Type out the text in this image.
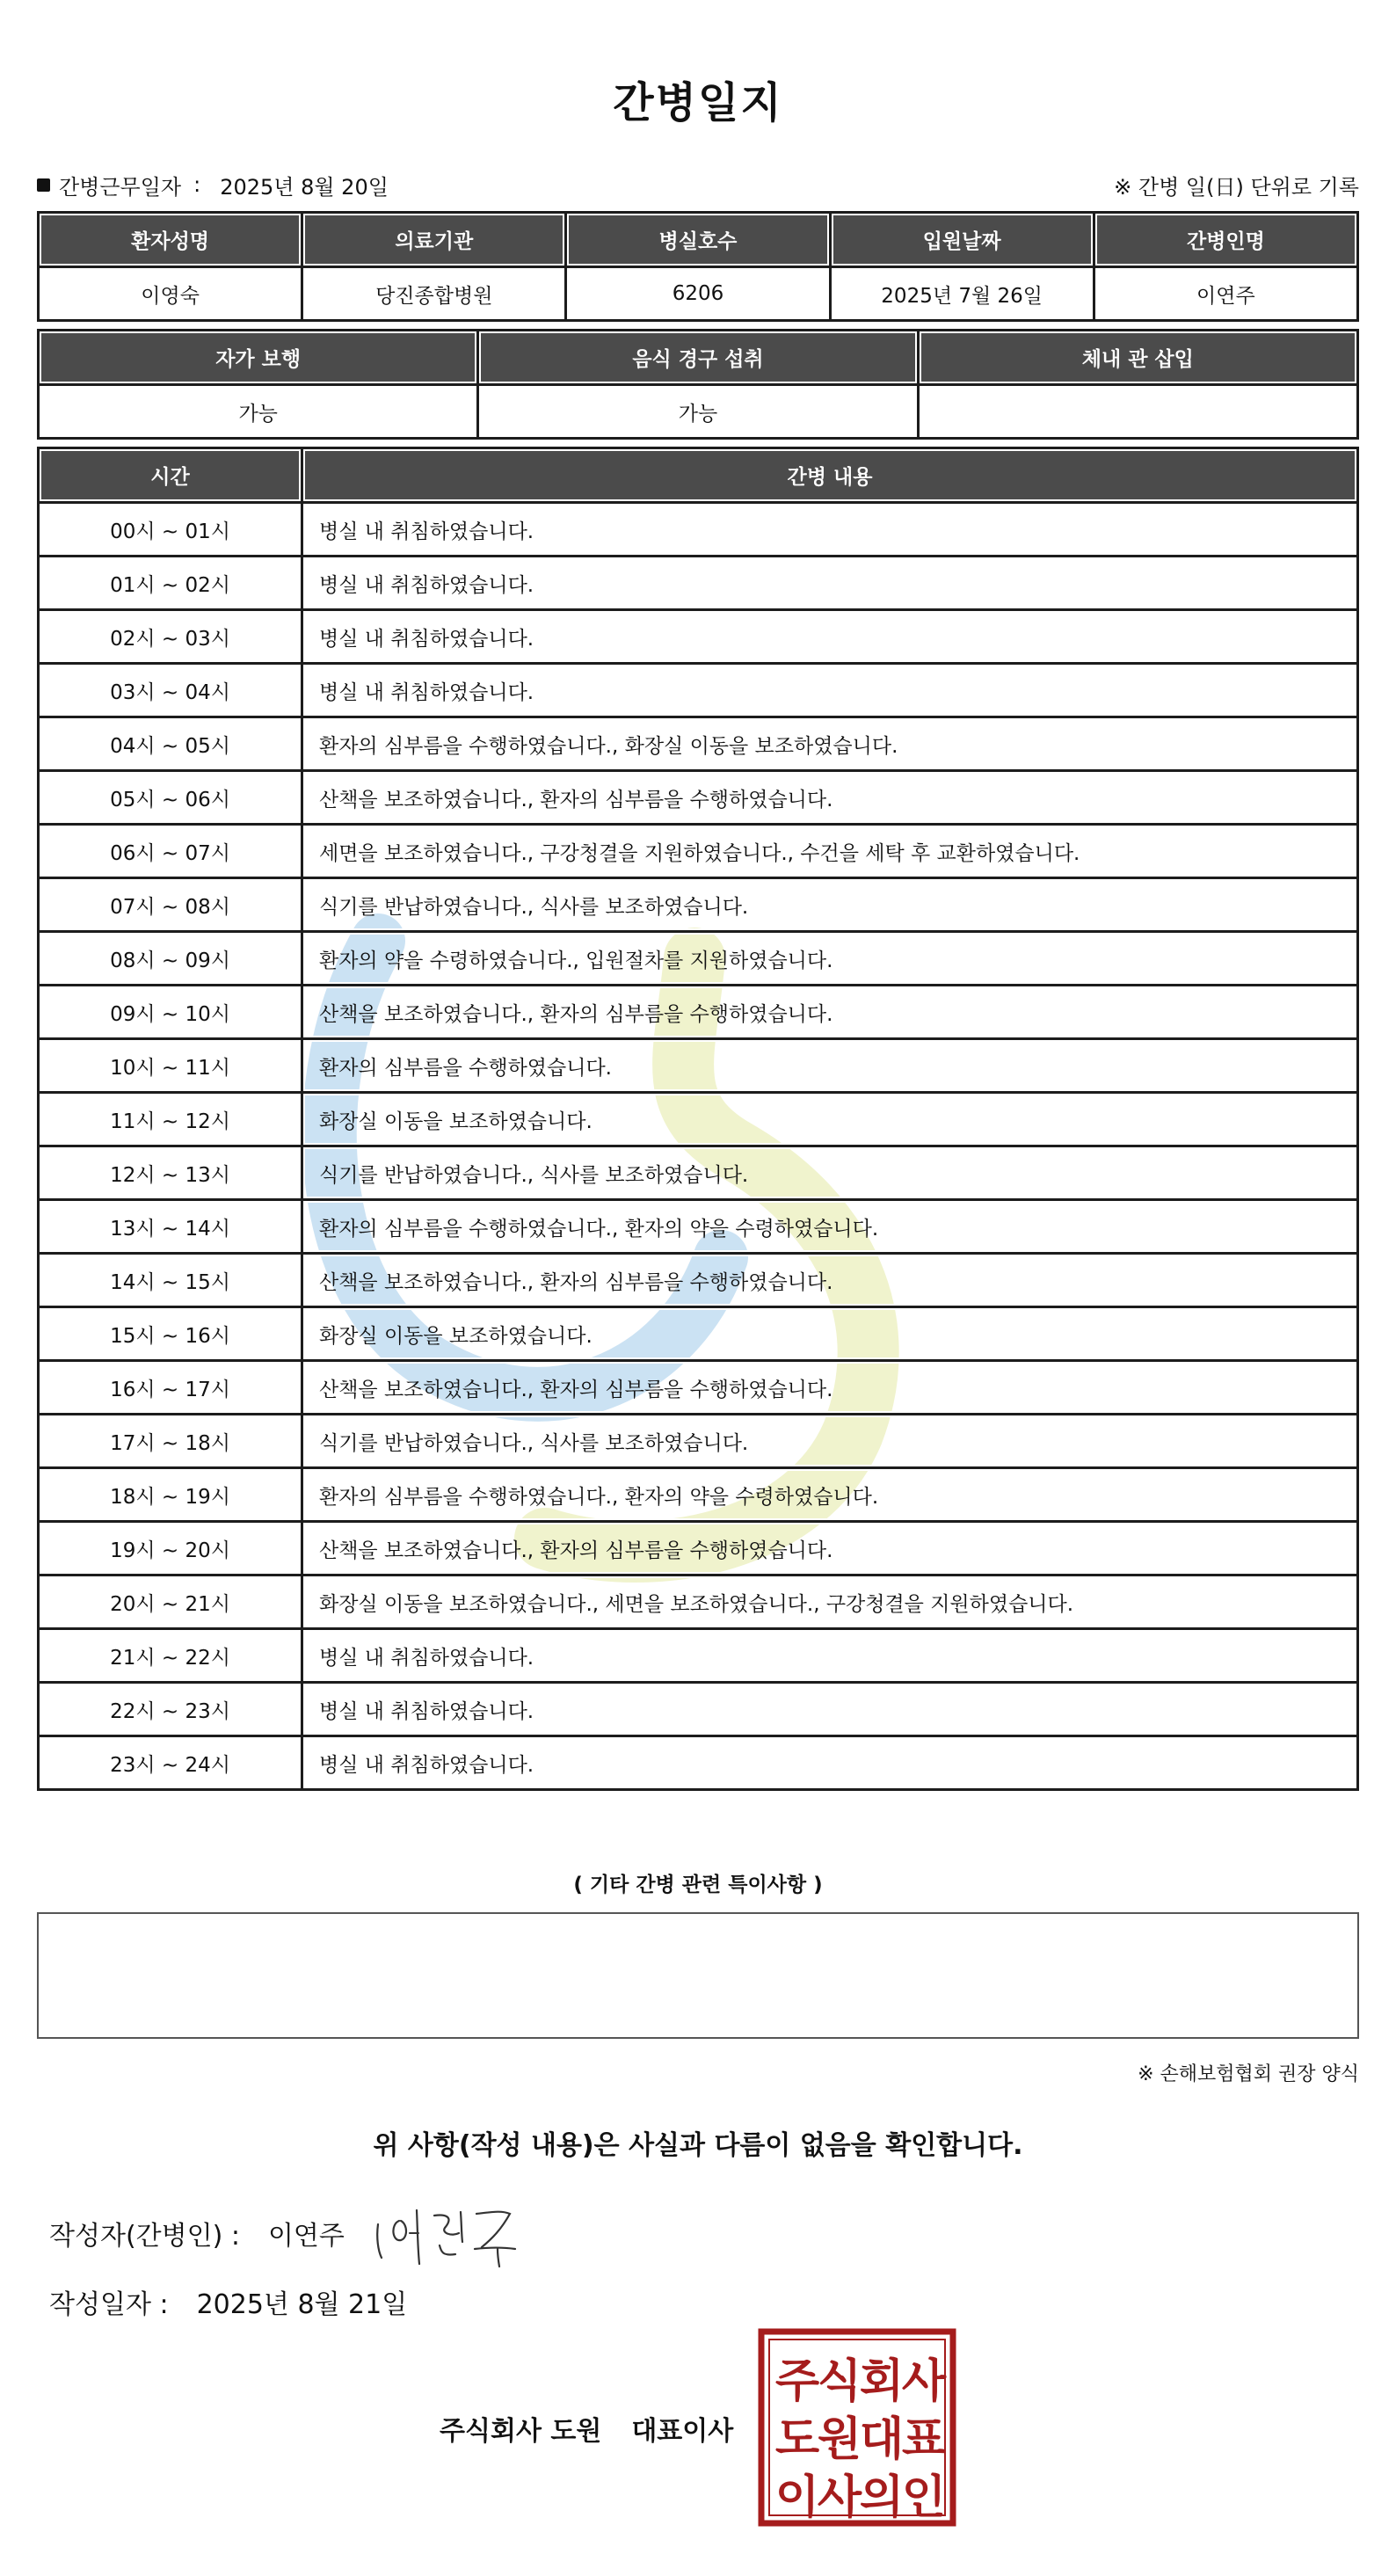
간병일지
간병근무일자 : 2025년 8월 20일	※ 간병 일(日) 단위로 기록
환자성명	의료기관	병실호수	입원날짜	간병인명
이영숙	당진종합병원	6206	2025년 7월 26일	이연주
자가 보행	음식 경구 섭취	체내 관 삽입
가능	가능	
시간	간병 내용
00시 ~ 01시	병실 내 취침하였습니다.
01시 ~ 02시	병실 내 취침하였습니다.
02시 ~ 03시	병실 내 취침하였습니다.
03시 ~ 04시	병실 내 취침하였습니다.
04시 ~ 05시	환자의 심부름을 수행하였습니다., 화장실 이동을 보조하였습니다.
05시 ~ 06시	산책을 보조하였습니다., 환자의 심부름을 수행하였습니다.
06시 ~ 07시	세면을 보조하였습니다., 구강청결을 지원하였습니다., 수건을 세탁 후 교환하였습니다.
07시 ~ 08시	식기를 반납하였습니다., 식사를 보조하였습니다.
08시 ~ 09시	환자의 약을 수령하였습니다., 입원절차를 지원하였습니다.
09시 ~ 10시	산책을 보조하였습니다., 환자의 심부름을 수행하였습니다.
10시 ~ 11시	환자의 심부름을 수행하였습니다.
11시 ~ 12시	화장실 이동을 보조하였습니다.
12시 ~ 13시	식기를 반납하였습니다., 식사를 보조하였습니다.
13시 ~ 14시	환자의 심부름을 수행하였습니다., 환자의 약을 수령하였습니다.
14시 ~ 15시	산책을 보조하였습니다., 환자의 심부름을 수행하였습니다.
15시 ~ 16시	화장실 이동을 보조하였습니다.
16시 ~ 17시	산책을 보조하였습니다., 환자의 심부름을 수행하였습니다.
17시 ~ 18시	식기를 반납하였습니다., 식사를 보조하였습니다.
18시 ~ 19시	환자의 심부름을 수행하였습니다., 환자의 약을 수령하였습니다.
19시 ~ 20시	산책을 보조하였습니다., 환자의 심부름을 수행하였습니다.
20시 ~ 21시	화장실 이동을 보조하였습니다., 세면을 보조하였습니다., 구강청결을 지원하였습니다.
21시 ~ 22시	병실 내 취침하였습니다.
22시 ~ 23시	병실 내 취침하였습니다.
23시 ~ 24시	병실 내 취침하였습니다.
( 기타 간병 관련 특이사항 )
※ 손해보험협회 권장 양식
위 사항(작성 내용)은 사실과 다름이 없음을 확인합니다.
작성자(간병인) : 이연주
작성일자 : 2025년 8월 21일
주식회사 도원 대표이사
주
식
회
사
도
원
대
표
이
사
의
인
